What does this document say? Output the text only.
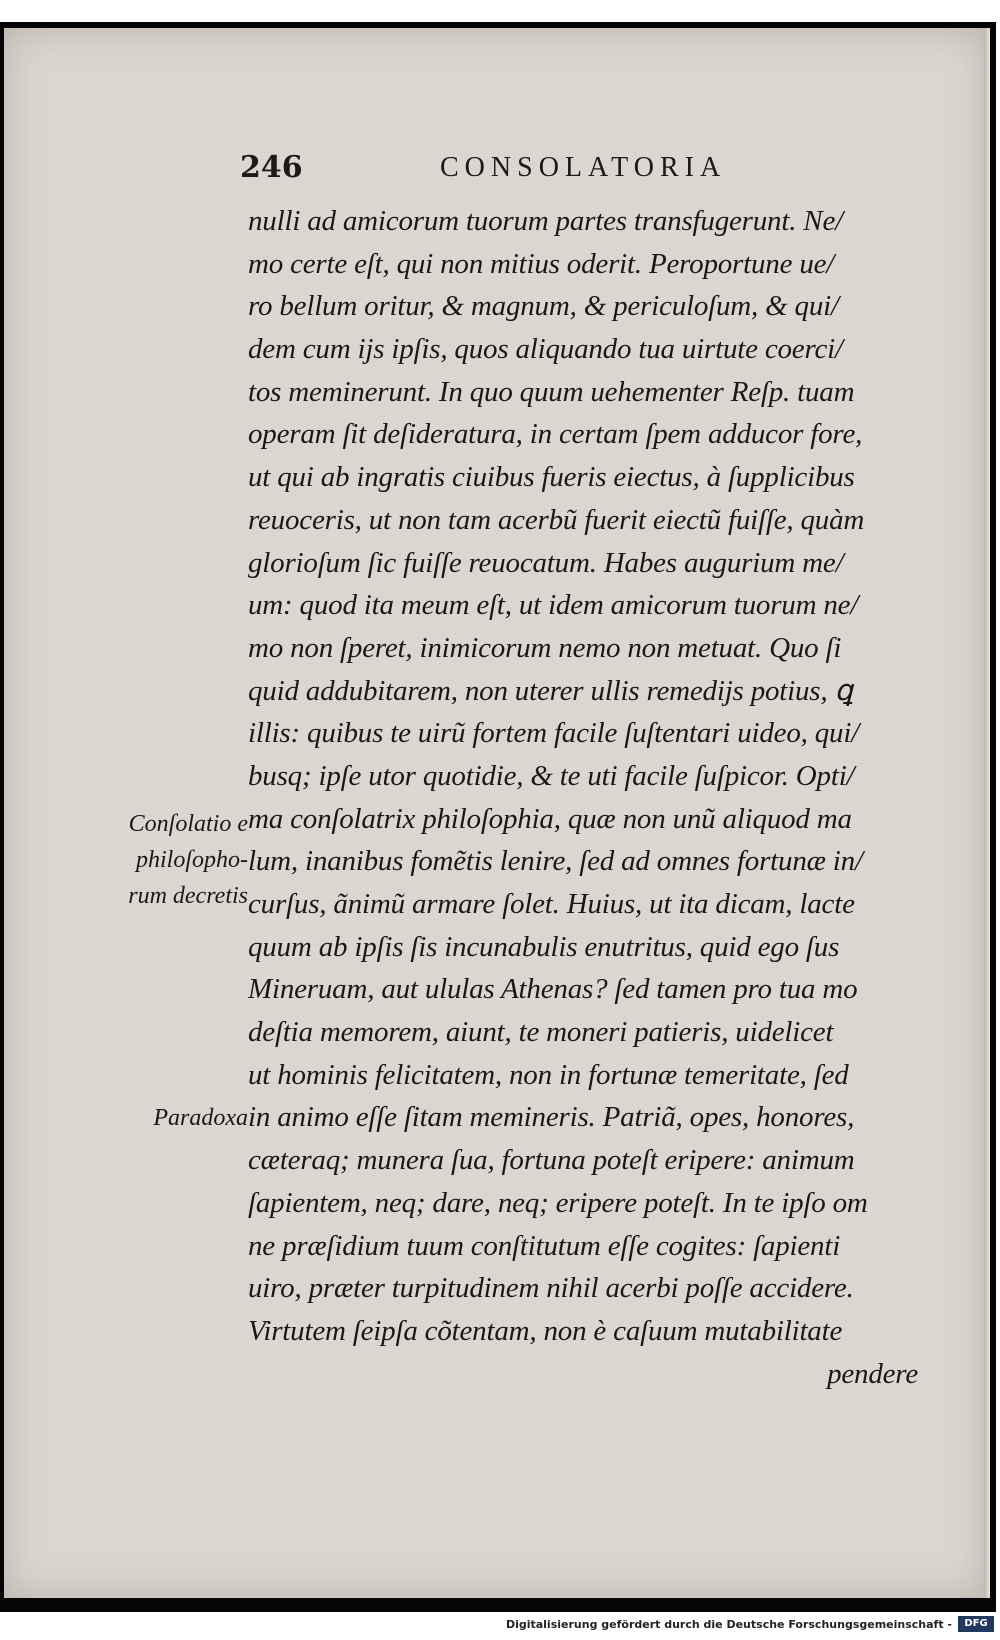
246	CONSOLATORIA
nulli ad amicorum tuorum partes transfugerunt. Ne/
mo certe eſt, qui non mitius oderit. Peroportune ue/
ro bellum oritur, & magnum, & periculoſum, & qui/
dem cum ijs ipſis, quos aliquando tua uirtute coerci/
tos meminerunt. In quo quum uehementer Reſp. tuam
operam ſit deſideratura, in certam ſpem adducor fore,
ut qui ab ingratis ciuibus fueris eiectus, à ſupplicibus
reuoceris, ut non tam acerbũ fuerit eiectũ fuiſſe, quàm
glorioſum ſic fuiſſe reuocatum. Habes augurium me/
um: quod ita meum eſt, ut idem amicorum tuorum ne/
mo non ſperet, inimicorum nemo non metuat. Quo ſi
quid addubitarem, non uterer ullis remedijs potius, ꝗ
illis: quibus te uirũ fortem facile ſuſtentari uideo, qui/
busq; ipſe utor quotidie, & te uti facile ſuſpicor. Opti/
ma conſolatrix philoſophia, quæ non unũ aliquod ma
lum, inanibus fomẽtis lenire, ſed ad omnes fortunæ in/
curſus, ãnimũ armare ſolet. Huius, ut ita dicam, lacte
quum ab ipſis ſis incunabulis enutritus, quid ego ſus
Mineruam, aut ululas Athenas? ſed tamen pro tua mo
deſtia memorem, aiunt, te moneri patieris, uidelicet
ut hominis felicitatem, non in fortunæ temeritate, ſed
in animo eſſe ſitam memineris. Patriã, opes, honores,
cæteraq; munera ſua, fortuna poteſt eripere: animum
ſapientem, neq; dare, neq; eripere poteſt. In te ipſo om
ne præſidium tuum conſtitutum eſſe cogites: ſapienti
uiro, præter turpitudinem nihil acerbi poſſe accidere.
Virtutem ſeipſa cõtentam, non è caſuum mutabilitate
pendere
Conſolatio e
philoſopho-
rum decretis
Paradoxa
Digitalisierung gefördert durch die Deutsche Forschungsgemeinschaft -	DFG
